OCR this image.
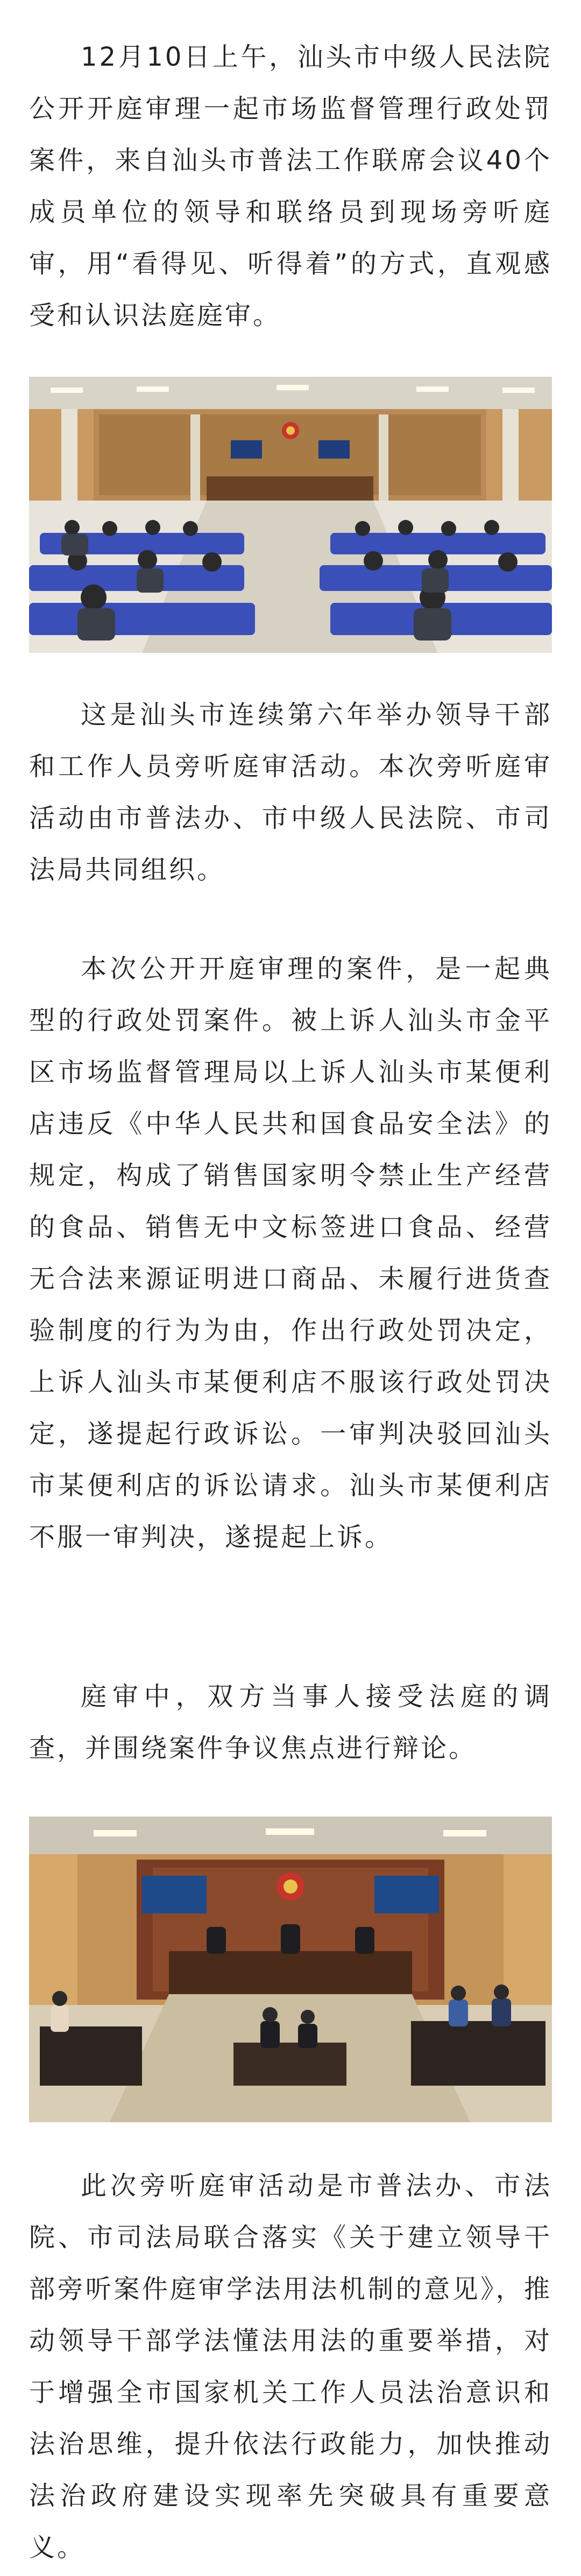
12月10日上午，汕头市中级人民法院公开开庭审理一起市场监督管理行政处罚案件，来自汕头市普法工作联席会议40个成员单位的领导和联络员到现场旁听庭审，用“看得见、听得着”的方式，直观感受和认识法庭庭审。

这是汕头市连续第六年举办领导干部和工作人员旁听庭审活动。本次旁听庭审活动由市普法办、市中级人民法院、市司法局共同组织。

本次公开开庭审理的案件，是一起典型的行政处罚案件。被上诉人汕头市金平区市场监督管理局以上诉人汕头市某便利店违反《中华人民共和国食品安全法》的规定，构成了销售国家明令禁止生产经营的食品、销售无中文标签进口食品、经营无合法来源证明进口商品、未履行进货查验制度的行为为由，作出行政处罚决定，上诉人汕头市某便利店不服该行政处罚决定，遂提起行政诉讼。一审判决驳回汕头市某便利店的诉讼请求。汕头市某便利店不服一审判决，遂提起上诉。

庭审中，双方当事人接受法庭的调查，并围绕案件争议焦点进行辩论。

此次旁听庭审活动是市普法办、市法院、市司法局联合落实《关于建立领导干部旁听案件庭审学法用法机制的意见》，推动领导干部学法懂法用法的重要举措，对于增强全市国家机关工作人员法治意识和法治思维，提升依法行政能力，加快推动法治政府建设实现率先突破具有重要意义。
